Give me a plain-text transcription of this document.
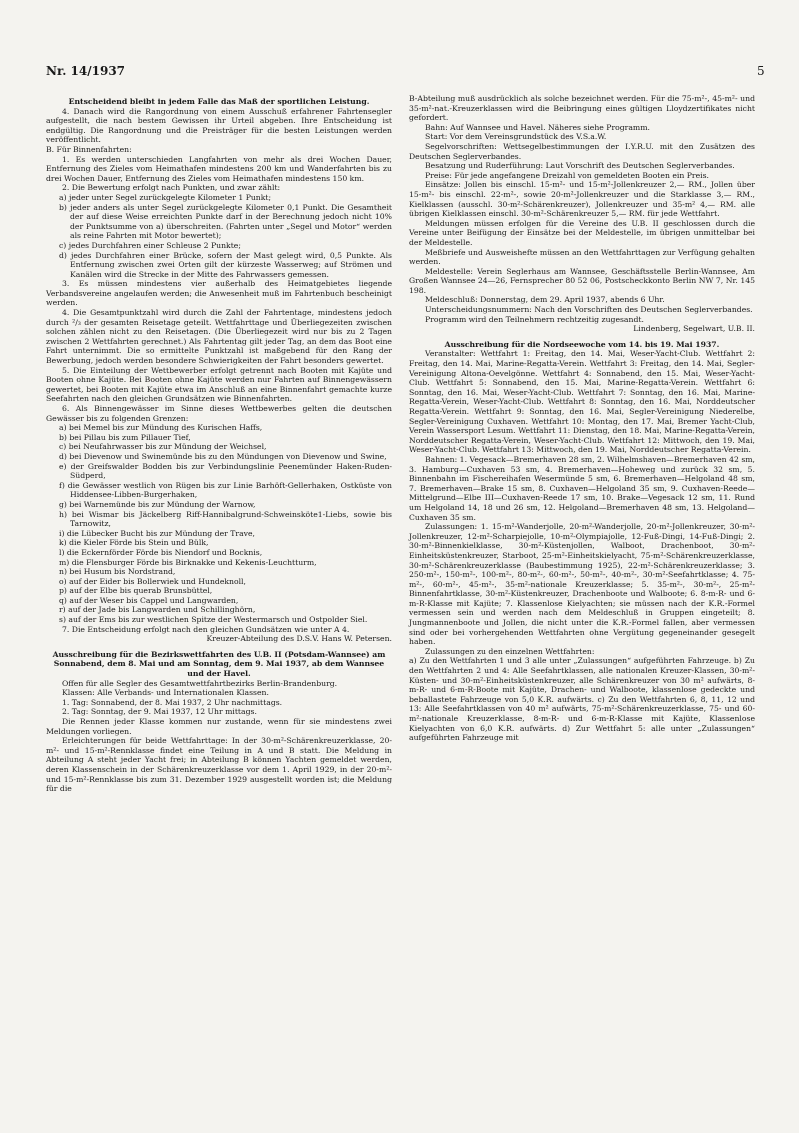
Nr. 14/1937	5

Entscheidend bleibt in jedem Falle das Maß der sportlichen Leistung.

4. Danach wird die Rangordnung von einem Ausschuß erfahrener Fahrtensegler aufgestellt, die nach bestem Gewissen ihr Urteil abgeben. Ihre Entscheidung ist endgültig. Die Rangordnung und die Preisträger für die besten Leistungen werden veröffentlicht.

B. Für Binnenfahrten:

1. Es werden unterschieden Langfahrten von mehr als drei Wochen Dauer, Entfernung des Zieles vom Heimathafen mindestens 200 km und Wanderfahrten bis zu drei Wochen Dauer, Entfernung des Zieles vom Heimathafen mindestens 150 km.

2. Die Bewertung erfolgt nach Punkten, und zwar zählt:

a) jeder unter Segel zurückgelegte Kilometer 1 Punkt;

b) jeder anders als unter Segel zurückgelegte Kilometer 0,1 Punkt. Die Gesamtheit der auf diese Weise erreichten Punkte darf in der Berechnung jedoch nicht 10% der Punktsumme von a) überschreiten. (Fahrten unter „Segel und Motor“ werden als reine Fahrten mit Motor bewertet);

c) jedes Durchfahren einer Schleuse 2 Punkte;

d) jedes Durchfahren einer Brücke, sofern der Mast gelegt wird, 0,5 Punkte. Als Entfernung zwischen zwei Orten gilt der kürzeste Wasserweg; auf Strömen und Kanälen wird die Strecke in der Mitte des Fahrwassers gemessen.

3. Es müssen mindestens vier außerhalb des Heimatgebietes liegende Verbandsvereine angelaufen werden; die Anwesenheit muß im Fahrtenbuch bescheinigt werden.

4. Die Gesamtpunktzahl wird durch die Zahl der Fahrtentage, mindestens jedoch durch ²/₃ der gesamten Reisetage geteilt. Wettfahrttage und Überliegezeiten zwischen solchen zählen nicht zu den Reisetagen. (Die Überliegezeit wird nur bis zu 2 Tagen zwischen 2 Wettfahrten gerechnet.) Als Fahrtentag gilt jeder Tag, an dem das Boot eine Fahrt unternimmt. Die so ermittelte Punktzahl ist maßgebend für den Rang der Bewerbung, jedoch werden besondere Schwierigkeiten der Fahrt besonders gewertet.

5. Die Einteilung der Wettbewerber erfolgt getrennt nach Booten mit Kajüte und Booten ohne Kajüte. Bei Booten ohne Kajüte werden nur Fahrten auf Binnengewässern gewertet, bei Booten mit Kajüte etwa im Anschluß an eine Binnenfahrt gemachte kurze Seefahrten nach den gleichen Grundsätzen wie Binnenfahrten.

6. Als Binnengewässer im Sinne dieses Wettbewerbes gelten die deutschen Gewässer bis zu folgenden Grenzen:

a) bei Memel bis zur Mündung des Kurischen Haffs,

b) bei Pillau bis zum Pillauer Tief,

c) bei Neufahrwasser bis zur Mündung der Weichsel,

d) bei Dievenow und Swinemünde bis zu den Mündungen von Dievenow und Swine,

e) der Greifswalder Bodden bis zur Verbindungslinie Peenemünder Haken-Ruden-Südperd,

f) die Gewässer westlich von Rügen bis zur Linie Barhöft-Gellerhaken, Ostküste von Hiddensee-Libben-Burgerhaken,

g) bei Warnemünde bis zur Mündung der Warnow,

h) bei Wismar bis Jäckelberg Riff-Hannibalgrund-Schweinsköte1-Liebs, sowie bis Tarnowitz,

i) die Lübecker Bucht bis zur Mündung der Trave,

k) die Kieler Förde bis Stein und Bülk,

l) die Eckernförder Förde bis Niendorf und Bocknis,

m) die Flensburger Förde bis Birknakke und Kekenis-Leuchtturm,

n) bei Husum bis Nordstrand,

o) auf der Eider bis Bollerwiek und Hundeknoll,

p) auf der Elbe bis querab Brunsbüttel,

q) auf der Weser bis Cappel und Langwarden,

r) auf der Jade bis Langwarden und Schillinghörn,

s) auf der Ems bis zur westlichen Spitze der Westermarsch und Ostpolder Siel.

7. Die Entscheidung erfolgt nach den gleichen Gundsätzen wie unter A 4.

Kreuzer-Abteilung des D.S.V. Hans W. Petersen.

Ausschreibung für die Bezirkswettfahrten des U.B. II (Potsdam-Wannsee) am Sonnabend, dem 8. Mai und am Sonntag, dem 9. Mai 1937, ab dem Wannsee und der Havel.

Offen für alle Segler des Gesamtwettfahrtbezirks Berlin-Brandenburg.

Klassen: Alle Verbands- und Internationalen Klassen.

1. Tag: Sonnabend, der 8. Mai 1937, 2 Uhr nachmittags.

2. Tag: Sonntag, der 9. Mai 1937, 12 Uhr mittags.

Die Rennen jeder Klasse kommen nur zustande, wenn für sie mindestens zwei Meldungen vorliegen.

Erleichterungen für beide Wettfahrttage: In der 30-m²-Schärenkreuzerklasse, 20-m²- und 15-m²-Rennklasse findet eine Teilung in A und B statt. Die Meldung in Abteilung A steht jeder Yacht frei; in Abteilung B können Yachten gemeldet werden, deren Klassenschein in der Schärenkreuzerklasse vor dem 1. April 1929, in der 20-m²- und 15-m²-Rennklasse bis zum 31. Dezember 1929 ausgestellt worden ist; die Meldung für die

B-Abteilung muß ausdrücklich als solche bezeichnet werden. Für die 75-m²-, 45-m²- und 35-m²-nat.-Kreuzerklassen wird die Beibringung eines gültigen Lloydzertifikates nicht gefordert.

Bahn: Auf Wannsee und Havel. Näheres siehe Programm.

Start: Vor dem Vereinsgrundstück des V.S.a.W.

Segelvorschriften: Wettsegelbestimmungen der I.Y.R.U. mit den Zusätzen des Deutschen Seglerverbandes.

Besatzung und Ruderführung: Laut Vorschrift des Deutschen Seglerverbandes.

Preise: Für jede angefangene Dreizahl von gemeldeten Booten ein Preis.

Einsätze: Jollen bis einschl. 15-m²- und 15-m²-Jollenkreuzer 2,— RM., Jollen über 15-m²- bis einschl. 22-m²-, sowie 20-m²-Jollenkreuzer und die Starklasse 3,— RM., Kielklassen (ausschl. 30-m²-Schärenkreuzer), Jollenkreuzer und 35-m² 4,— RM. alle übrigen Kielklassen einschl. 30-m²-Schärenkreuzer 5,— RM. für jede Wettfahrt.

Meldungen müssen erfolgen für die Vereine des U.B. II geschlossen durch die Vereine unter Beifügung der Einsätze bei der Meldestelle, im übrigen unmittelbar bei der Meldestelle.

Meßbriefe und Ausweishefte müssen an den Wettfahrttagen zur Verfügung gehalten werden.

Meldestelle: Verein Seglerhaus am Wannsee, Geschäftsstelle Berlin-Wannsee, Am Großen Wannsee 24—26, Fernsprecher 80 52 06, Postscheckkonto Berlin NW 7, Nr. 145 198.

Meldeschluß: Donnerstag, dem 29. April 1937, abends 6 Uhr.

Unterscheidungsnummern: Nach den Vorschriften des Deutschen Seglerverbandes.

Programm wird den Teilnehmern rechtzeitig zugesandt.

Lindenberg, Segelwart, U.B. II.

Ausschreibung für die Nordseewoche vom 14. bis 19. Mai 1937.

Veranstalter: Wettfahrt 1: Freitag, den 14. Mai, Weser-Yacht-Club. Wettfahrt 2: Freitag, den 14. Mai, Marine-Regatta-Verein. Wettfahrt 3: Freitag, den 14. Mai, Segler-Vereinigung Altona-Oevelgönne. Wettfahrt 4: Sonnabend, den 15. Mai, Weser-Yacht-Club. Wettfahrt 5: Sonnabend, den 15. Mai, Marine-Regatta-Verein. Wettfahrt 6: Sonntag, den 16. Mai, Weser-Yacht-Club. Wettfahrt 7: Sonntag, den 16. Mai, Marine-Regatta-Verein, Weser-Yacht-Club. Wettfahrt 8: Sonntag, den 16. Mai, Norddeutscher Regatta-Verein. Wettfahrt 9: Sonntag, den 16. Mai, Segler-Vereinigung Niederelbe, Segler-Vereinigung Cuxhaven. Wettfahrt 10: Montag, den 17. Mai, Bremer Yacht-Club, Verein Wassersport Lesum. Wettfahrt 11: Dienstag, den 18. Mai, Marine-Regatta-Verein, Norddeutscher Regatta-Verein, Weser-Yacht-Club. Wettfahrt 12: Mittwoch, den 19. Mai, Weser-Yacht-Club. Wettfahrt 13: Mittwoch, den 19. Mai, Norddeutscher Regatta-Verein.

Bahnen: 1. Vegesack—Bremerhaven 28 sm, 2. Wilhelmshaven—Bremerhaven 42 sm, 3. Hamburg—Cuxhaven 53 sm, 4. Bremerhaven—Hoheweg und zurück 32 sm, 5. Binnenbahn im Fischereihafen Wesermünde 5 sm, 6. Bremerhaven—Helgoland 48 sm, 7. Bremerhaven—Brake 15 sm, 8. Cuxhaven—Helgoland 35 sm, 9. Cuxhaven-Reede—Mittelgrund—Elbe III—Cuxhaven-Reede 17 sm, 10. Brake—Vegesack 12 sm, 11. Rund um Helgoland 14, 18 und 26 sm, 12. Helgoland—Bremerhaven 48 sm, 13. Helgoland—Cuxhaven 35 sm.

Zulassungen: 1. 15-m²-Wanderjolle, 20-m²-Wanderjolle, 20-m²-Jollenkreuzer, 30-m²-Jollenkreuzer, 12-m²-Scharpiejolle, 10-m²-Olympiajolle, 12-Fuß-Dingi, 14-Fuß-Dingi; 2. 30-m²-Binnenkielklasse, 30-m²-Küstenjollen, Walboot, Drachenboot, 30-m²-Einheitsküstenkreuzer, Starboot, 25-m²-Einheitskielyacht, 75-m²-Schärenkreuzerklasse, 30-m²-Schärenkreuzerklasse (Baubestimmung 1925), 22-m²-Schärenkreuzerklasse; 3. 250-m²-, 150-m²-, 100-m²-, 80-m²-, 60-m²-, 50-m²-, 40-m²-, 30-m²-Seefahrtklasse; 4. 75-m²-, 60-m²-, 45-m²-, 35-m²-nationale Kreuzerklasse; 5. 35-m²-, 30-m²-, 25-m²-Binnenfahrtklasse, 30-m²-Küstenkreuzer, Drachenboote und Walboote; 6. 8-m-R- und 6-m-R-Klasse mit Kajüte; 7. Klassenlose Kielyachten; sie müssen nach der K.R.-Formel vermessen sein und werden nach dem Meldeschluß in Gruppen eingeteilt; 8. Jungmannenboote und Jollen, die nicht unter die K.R.-Formel fallen, aber vermessen sind oder bei vorhergehenden Wettfahrten ohne Vergütung gegeneinander gesegelt haben.

Zulassungen zu den einzelnen Wettfahrten:

a) Zu den Wettfahrten 1 und 3 alle unter „Zulassungen“ aufgeführten Fahrzeuge. b) Zu den Wettfahrten 2 und 4: Alle Seefahrtklassen, alle nationalen Kreuzer-Klassen, 30-m²-Küsten- und 30-m²-Einheitsküstenkreuzer, alle Schärenkreuzer von 30 m² aufwärts, 8-m-R- und 6-m-R-Boote mit Kajüte, Drachen- und Walboote, klassenlose gedeckte und beballastete Fahrzeuge von 5,0 K.R. aufwärts. c) Zu den Wettfahrten 6, 8, 11, 12 und 13: Alle Seefahrtklassen von 40 m² aufwärts, 75-m²-Schärenkreuzerklasse, 75- und 60-m²-nationale Kreuzerklasse, 8-m-R- und 6-m-R-Klasse mit Kajüte, Klassenlose Kielyachten von 6,0 K.R. aufwärts. d) Zur Wettfahrt 5: alle unter „Zulassungen“ aufgeführten Fahrzeuge mit
